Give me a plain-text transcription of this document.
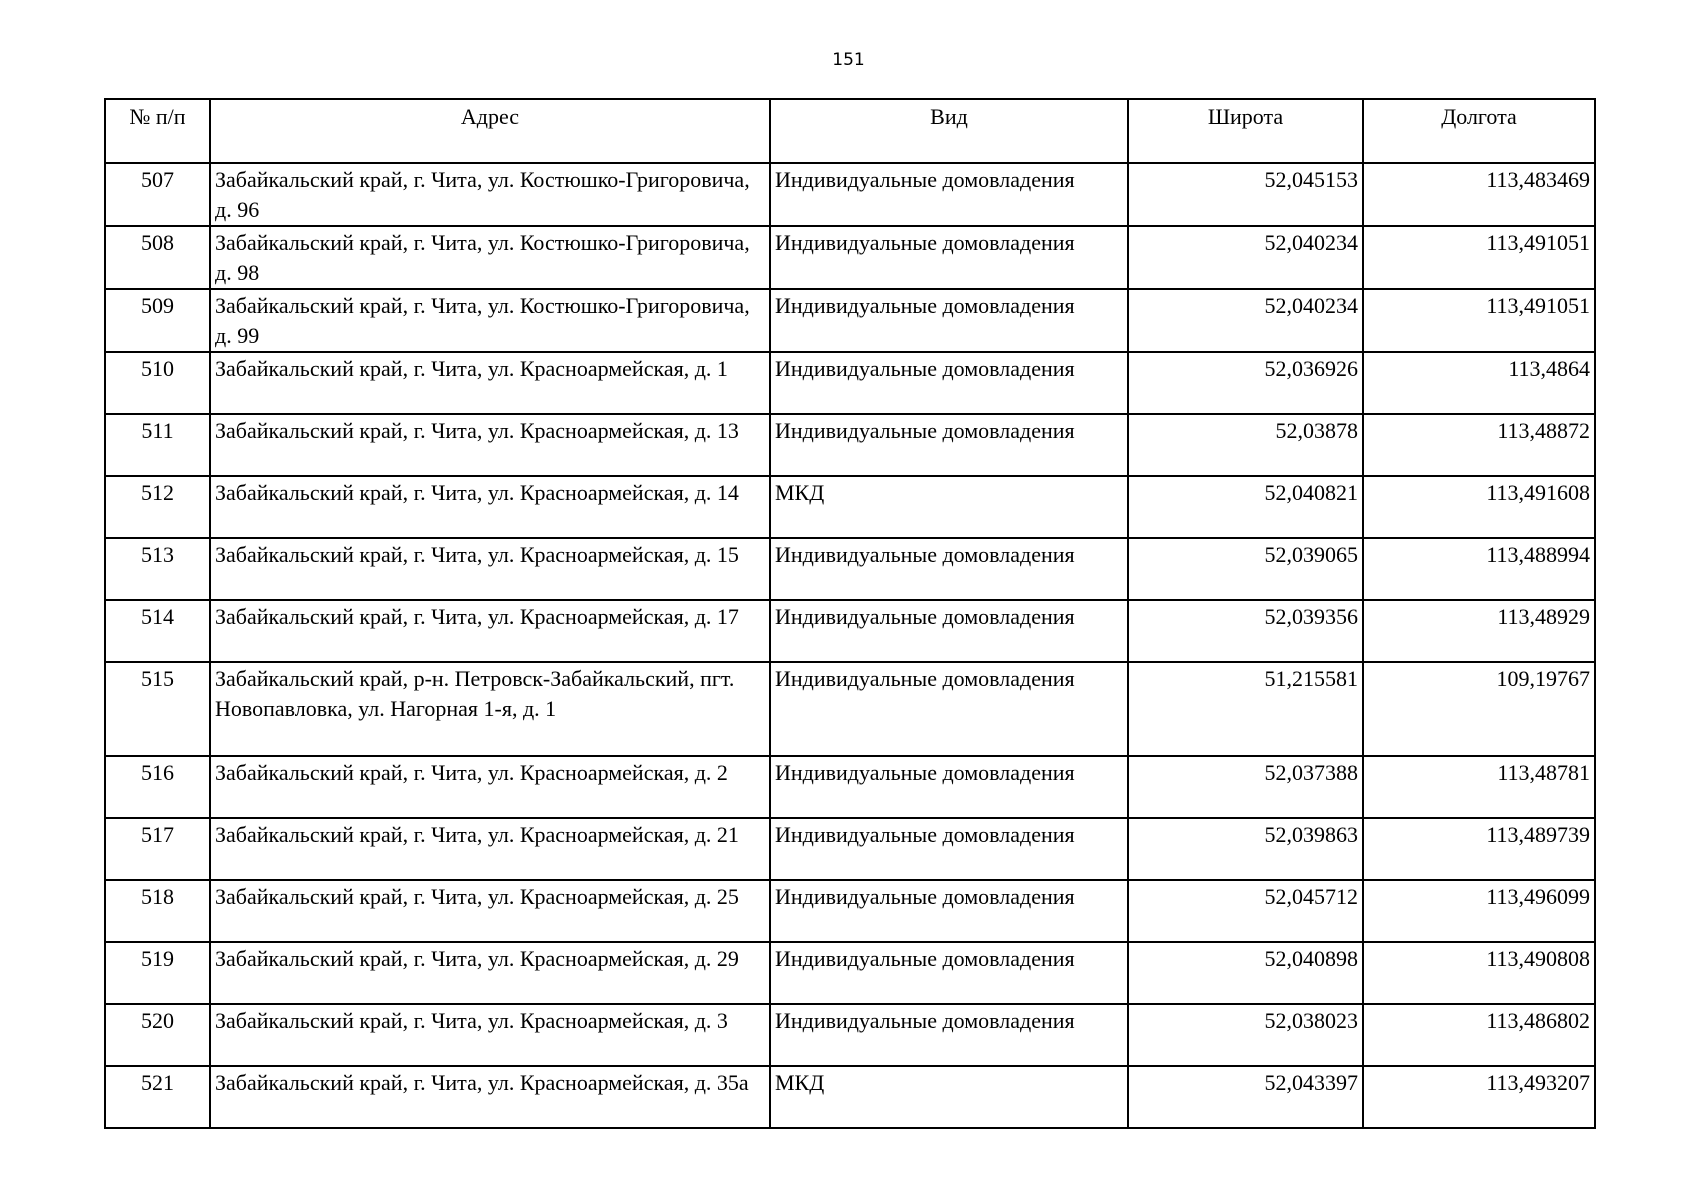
151
№ п/п	Адрес	Вид	Широта	Долгота
507	Забайкальский край, г. Чита, ул. Костюшко-Григоровича, д. 96	Индивидуальные домовладения	52,045153	113,483469
508	Забайкальский край, г. Чита, ул. Костюшко-Григоровича, д. 98	Индивидуальные домовладения	52,040234	113,491051
509	Забайкальский край, г. Чита, ул. Костюшко-Григоровича, д. 99	Индивидуальные домовладения	52,040234	113,491051
510	Забайкальский край, г. Чита, ул. Красноармейская, д. 1	Индивидуальные домовладения	52,036926	113,4864
511	Забайкальский край, г. Чита, ул. Красноармейская, д. 13	Индивидуальные домовладения	52,03878	113,48872
512	Забайкальский край, г. Чита, ул. Красноармейская, д. 14	МКД	52,040821	113,491608
513	Забайкальский край, г. Чита, ул. Красноармейская, д. 15	Индивидуальные домовладения	52,039065	113,488994
514	Забайкальский край, г. Чита, ул. Красноармейская, д. 17	Индивидуальные домовладения	52,039356	113,48929
515	Забайкальский край, р-н. Петровск-Забайкальский, пгт. Новопавловка, ул. Нагорная 1-я, д. 1	Индивидуальные домовладения	51,215581	109,19767
516	Забайкальский край, г. Чита, ул. Красноармейская, д. 2	Индивидуальные домовладения	52,037388	113,48781
517	Забайкальский край, г. Чита, ул. Красноармейская, д. 21	Индивидуальные домовладения	52,039863	113,489739
518	Забайкальский край, г. Чита, ул. Красноармейская, д. 25	Индивидуальные домовладения	52,045712	113,496099
519	Забайкальский край, г. Чита, ул. Красноармейская, д. 29	Индивидуальные домовладения	52,040898	113,490808
520	Забайкальский край, г. Чита, ул. Красноармейская, д. 3	Индивидуальные домовладения	52,038023	113,486802
521	Забайкальский край, г. Чита, ул. Красноармейская, д. 35а	МКД	52,043397	113,493207
